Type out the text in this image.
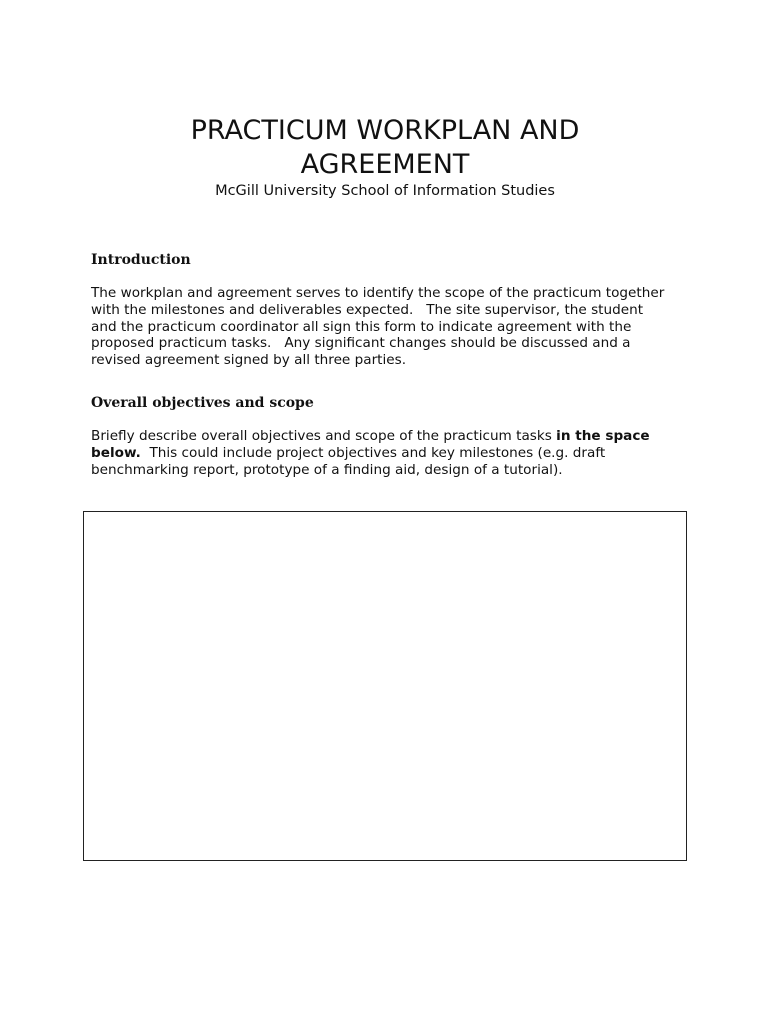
PRACTICUM WORKPLAN AND
AGREEMENT

McGill University School of Information Studies

Introduction

The workplan and agreement serves to identify the scope of the practicum together
with the milestones and deliverables expected.   The site supervisor, the student
and the practicum coordinator all sign this form to indicate agreement with the
proposed practicum tasks.   Any significant changes should be discussed and a
revised agreement signed by all three parties.

Overall objectives and scope

Briefly describe overall objectives and scope of the practicum tasks in the space
below.  This could include project objectives and key milestones (e.g. draft
benchmarking report, prototype of a finding aid, design of a tutorial).
